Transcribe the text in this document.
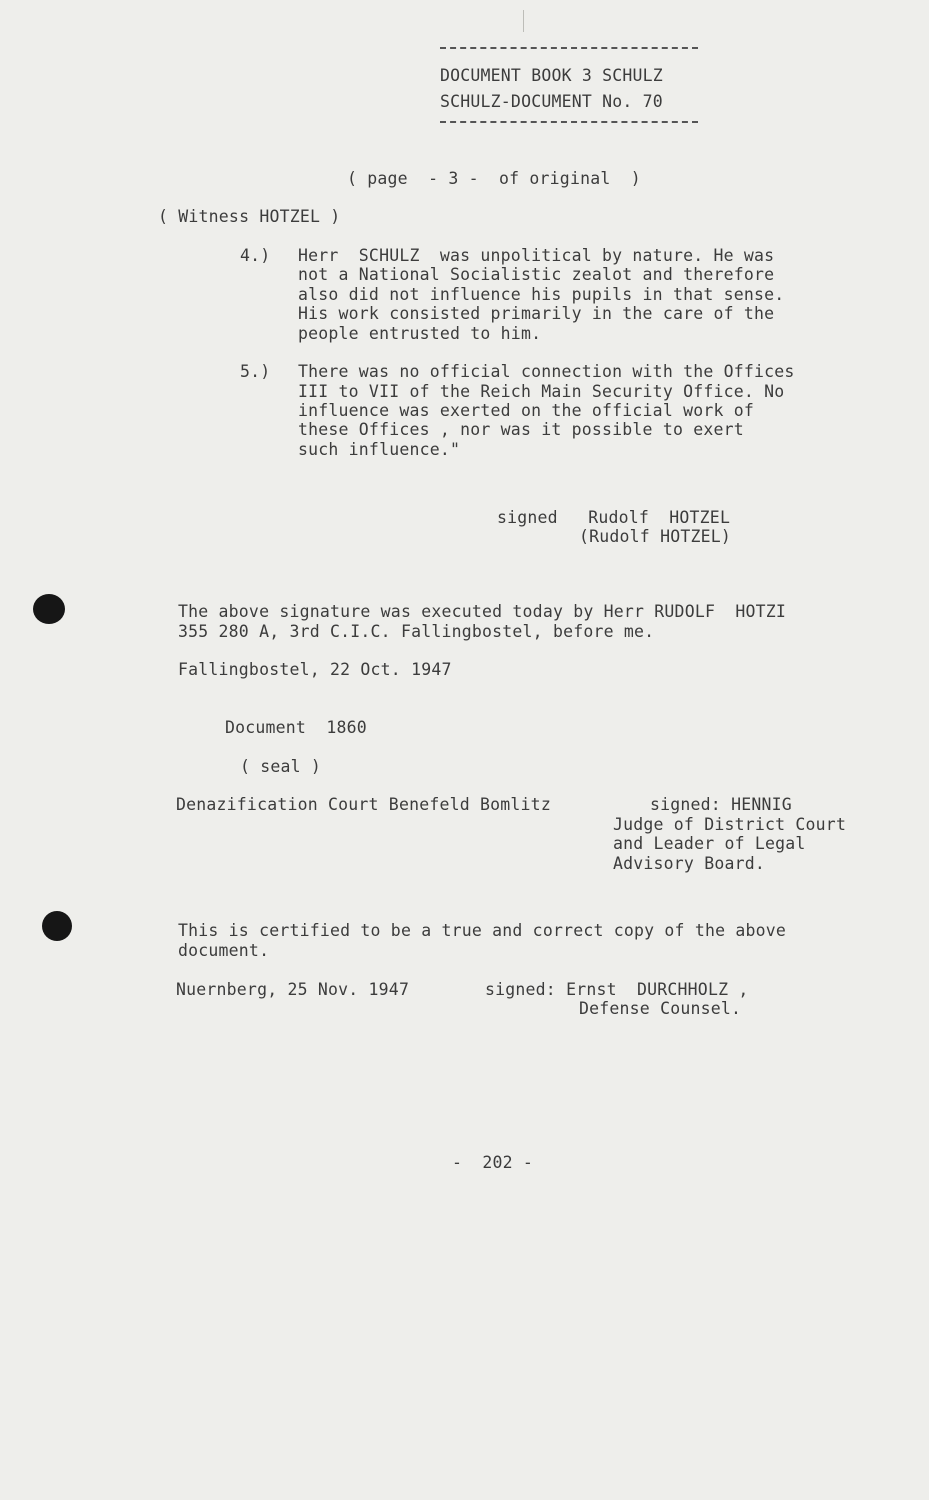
DOCUMENT BOOK 3 SCHULZ
SCHULZ-DOCUMENT No. 70
( page  - 3 -  of original  )
( Witness HOTZEL )
4.) Herr  SCHULZ  was unpolitical by nature. He was
not a National Socialistic zealot and therefore
also did not influence his pupils in that sense.
His work consisted primarily in the care of the
people entrusted to him.
5.) There was no official connection with the Offices
III to VII of the Reich Main Security Office. No
influence was exerted on the official work of
these Offices , nor was it possible to exert
such influence."
signed   Rudolf  HOTZEL
(Rudolf HOTZEL)
The above signature was executed today by Herr RUDOLF  HOTZI
355 280 A, 3rd C.I.C. Fallingbostel, before me.
Fallingbostel, 22 Oct. 1947
Document  1860
( seal )
Denazification Court Benefeld Bomlitz	signed: HENNIG
Judge of District Court
and Leader of Legal
Advisory Board.
This is certified to be a true and correct copy of the above
document.
Nuernberg, 25 Nov. 1947	signed: Ernst  DURCHHOLZ ,
Defense Counsel.
-  202 -
